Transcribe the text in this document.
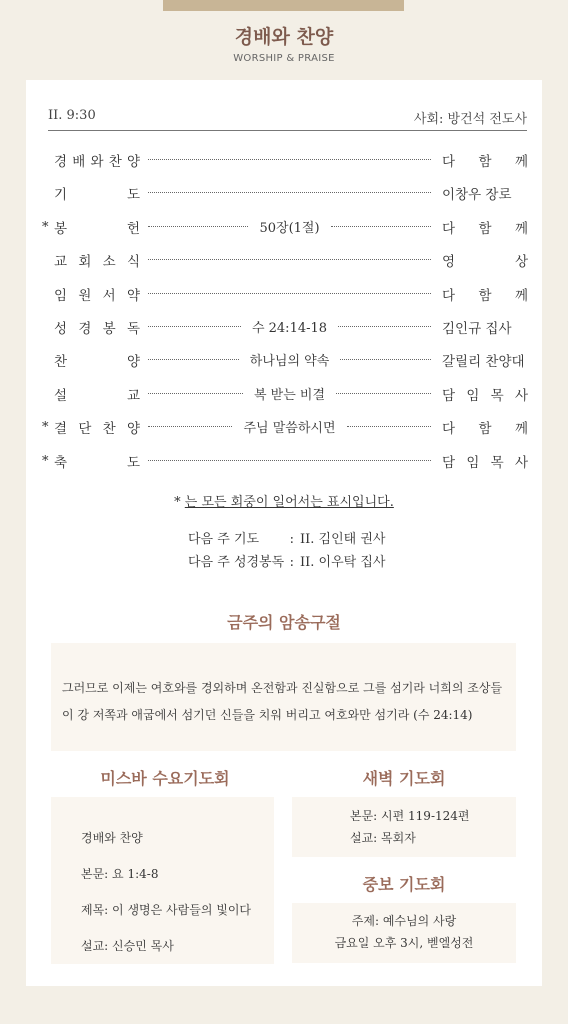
경배와 찬양
WORSHIP & PRAISE
II. 9:30	사회: 방건석 전도사
경 배 와 찬 양	다 함 께
기	도	이창우 장로
* 봉	헌	50장(1절)	다 함 께
교 회 소 식	영	상
임 원 서 약	다 함 께
성 경 봉 독	수 24:14-18	김인규 집사
찬	양	하나님의 약속	갈릴리 찬양대
설	교	복 받는 비결	담 임 목 사
* 결 단 찬 양	주님 말씀하시면	다 함 께
* 축	도	담 임 목 사
* 는 모든 회중이 일어서는 표시입니다.
다음 주 기도 : II. 김인태 권사
다음 주 성경봉독 : II. 이우탁 집사
금주의 암송구절
그러므로 이제는 여호와를 경외하며 온전함과 진실함으로 그를 섬기라 너희의 조상들이 강 저쪽과 애굽에서 섬기던 신들을 치워 버리고 여호와만 섬기라 (수 24:14)
미스바 수요기도회
경배와 찬양
본문: 요 1:4-8
제목: 이 생명은 사람들의 빛이다
설교: 신승민 목사
새벽 기도회
본문: 시편 119-124편
설교: 목회자
중보 기도회
주제: 예수님의 사랑
금요일 오후 3시, 벧엘성전
